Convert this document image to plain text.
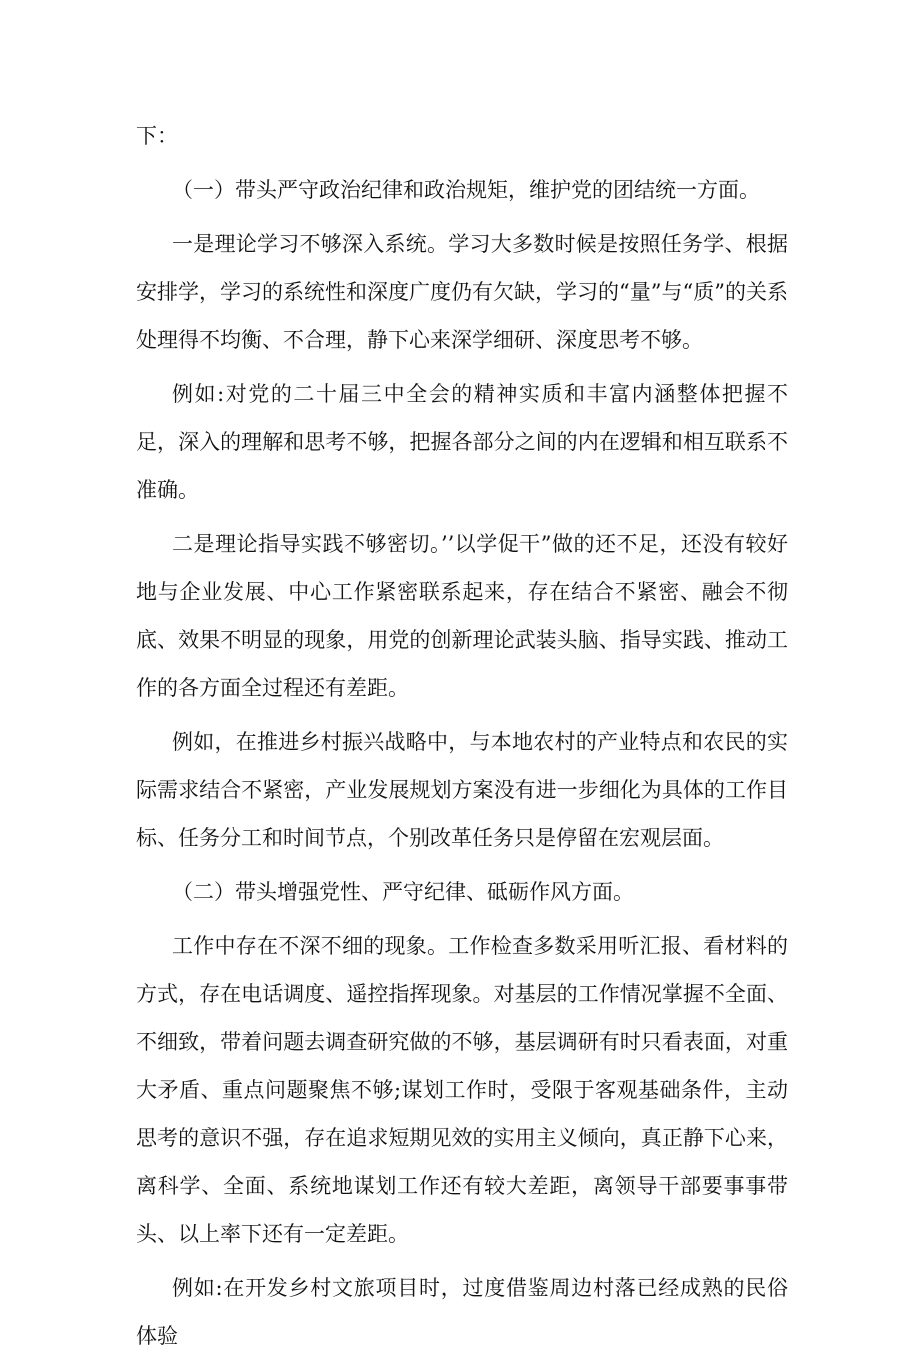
下：

（一）带头严守政治纪律和政治规矩，维护党的团结统一方面。

一是理论学习不够深入系统。学习大多数时候是按照任务学、根据安排学，学习的系统性和深度广度仍有欠缺，学习的“量”与“质”的关系处理得不均衡、不合理，静下心来深学细研、深度思考不够。

例如:对党的二十届三中全会的精神实质和丰富内涵整体把握不足，深入的理解和思考不够，把握各部分之间的内在逻辑和相互联系不准确。

二是理论指导实践不够密切。’’以学促干”做的还不足，还没有较好地与企业发展、中心工作紧密联系起来，存在结合不紧密、融会不彻底、效果不明显的现象，用党的创新理论武装头脑、指导实践、推动工作的各方面全过程还有差距。

例如，在推进乡村振兴战略中，与本地农村的产业特点和农民的实际需求结合不紧密，产业发展规划方案没有进一步细化为具体的工作目标、任务分工和时间节点，个别改革任务只是停留在宏观层面。

（二）带头增强党性、严守纪律、砥砺作风方面。

工作中存在不深不细的现象。工作检查多数采用听汇报、看材料的方式，存在电话调度、遥控指挥现象。对基层的工作情况掌握不全面、不细致，带着问题去调查研究做的不够，基层调研有时只看表面，对重大矛盾、重点问题聚焦不够;谋划工作时，受限于客观基础条件，主动思考的意识不强，存在追求短期见效的实用主义倾向，真正静下心来，离科学、全面、系统地谋划工作还有较大差距，离领导干部要事事带头、以上率下还有一定差距。

例如:在开发乡村文旅项目时，过度借鉴周边村落已经成熟的民俗体验
